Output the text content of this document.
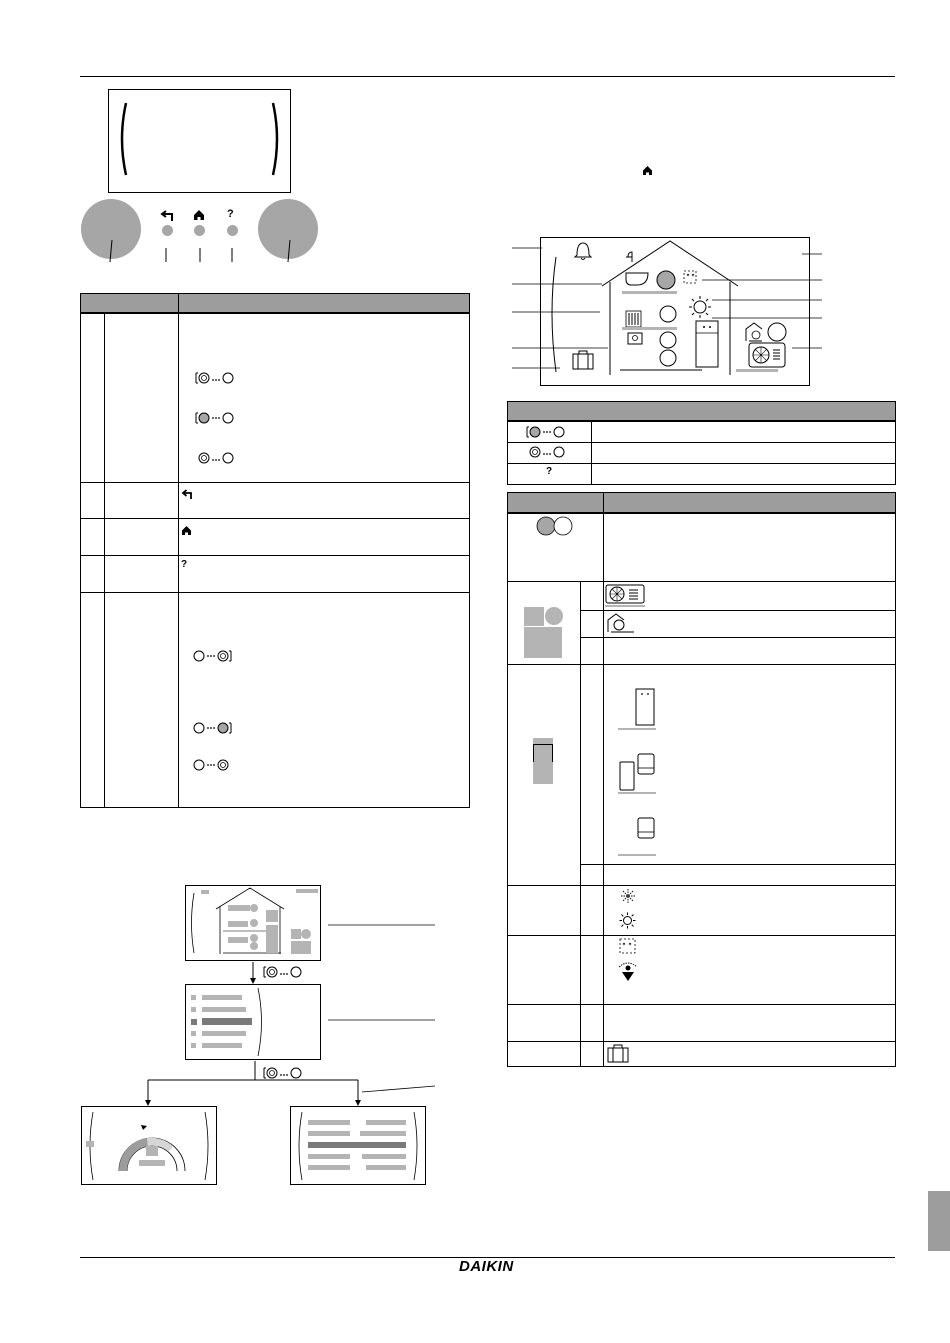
?
?
?
DAIKIN
